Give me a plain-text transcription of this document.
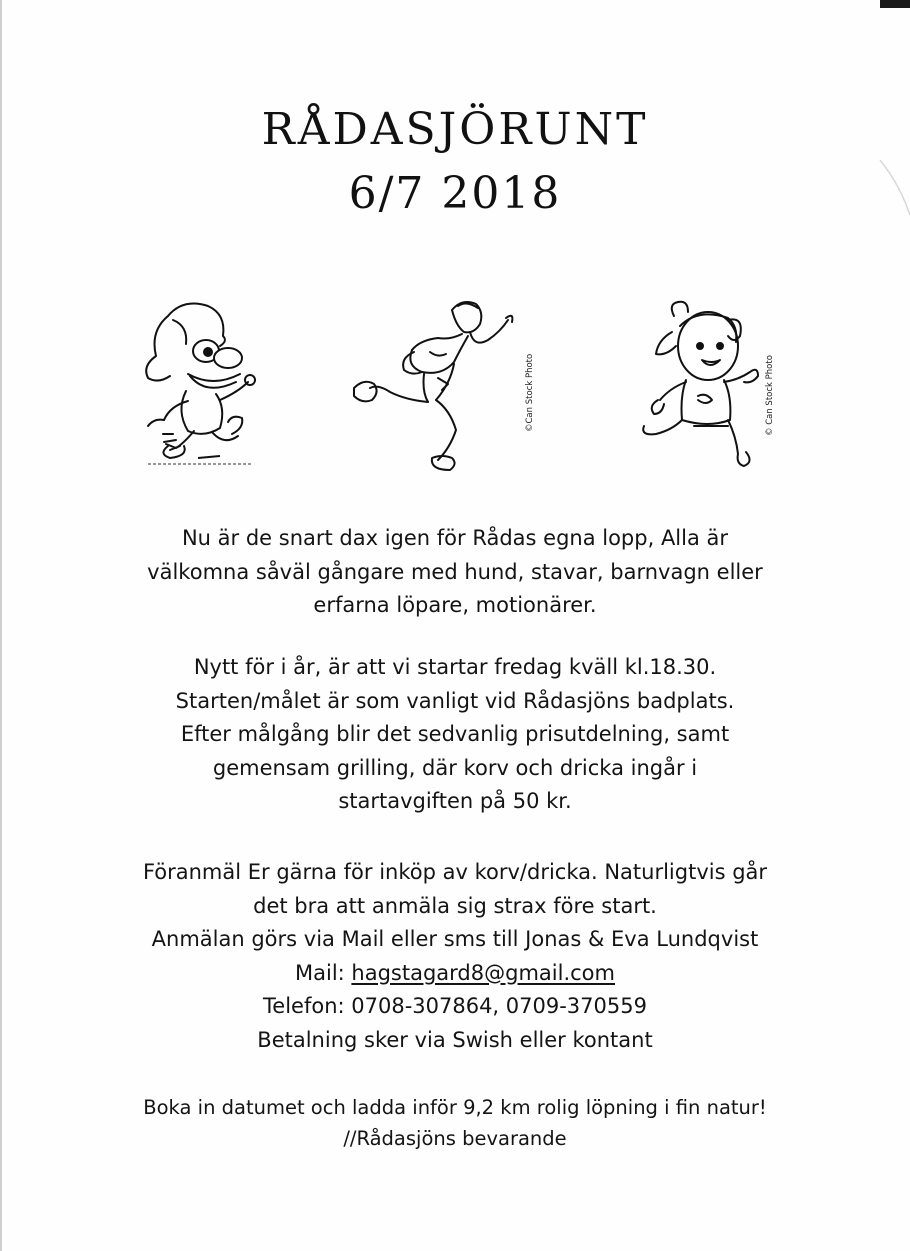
RÅDASJÖRUNT
6/7 2018
©Can Stock Photo	© Can Stock Photo
Nu är de snart dax igen för Rådas egna lopp, Alla är
välkomna såväl gångare med hund, stavar, barnvagn eller
erfarna löpare, motionärer.
Nytt för i år, är att vi startar fredag kväll kl.18.30.
Starten/målet är som vanligt vid Rådasjöns badplats.
Efter målgång blir det sedvanlig prisutdelning, samt
gemensam grilling, där korv och dricka ingår i
startavgiften på 50 kr.
Föranmäl Er gärna för inköp av korv/dricka. Naturligtvis går
det bra att anmäla sig strax före start.
Anmälan görs via Mail eller sms till Jonas & Eva Lundqvist
Mail: hagstagard8@gmail.com
Telefon: 0708-307864, 0709-370559
Betalning sker via Swish eller kontant
Boka in datumet och ladda inför 9,2 km rolig löpning i fin natur!
//Rådasjöns bevarande
